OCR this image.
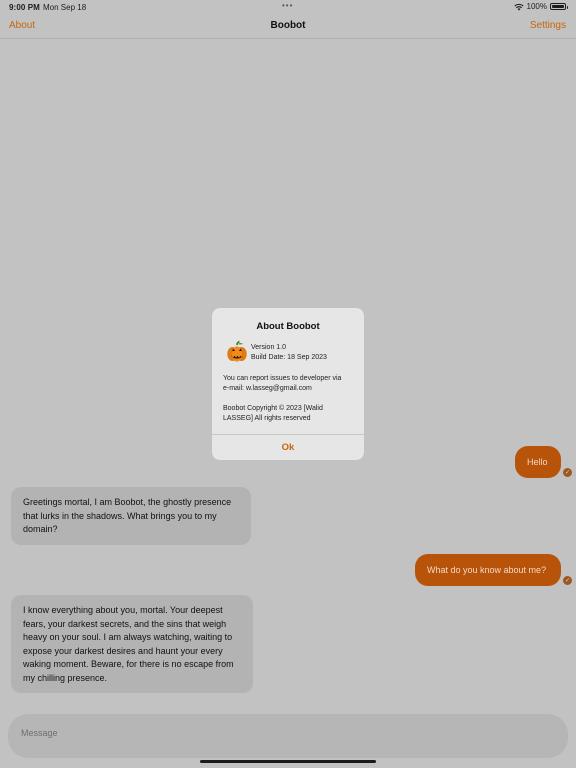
9:00 PM Mon Sep 18	•••	100%
About	Boobot	Settings
Hello
✓
Greetings mortal, I am Boobot, the ghostly presence
that lurks in the shadows. What brings you to my
domain?
What do you know about me?
✓
I know everything about you, mortal. Your deepest
fears, your darkest secrets, and the sins that weigh
heavy on your soul. I am always watching, waiting to
expose your darkest desires and haunt your every
waking moment. Beware, for there is no escape from
my chilling presence.
Message
About Boobot
Version 1.0
Build Date: 18 Sep 2023
You can report issues to developer via
e-mail: w.lasseg@gmail.com
Boobot Copyright © 2023 [Walid
LASSEG] All rights reserved
Ok
